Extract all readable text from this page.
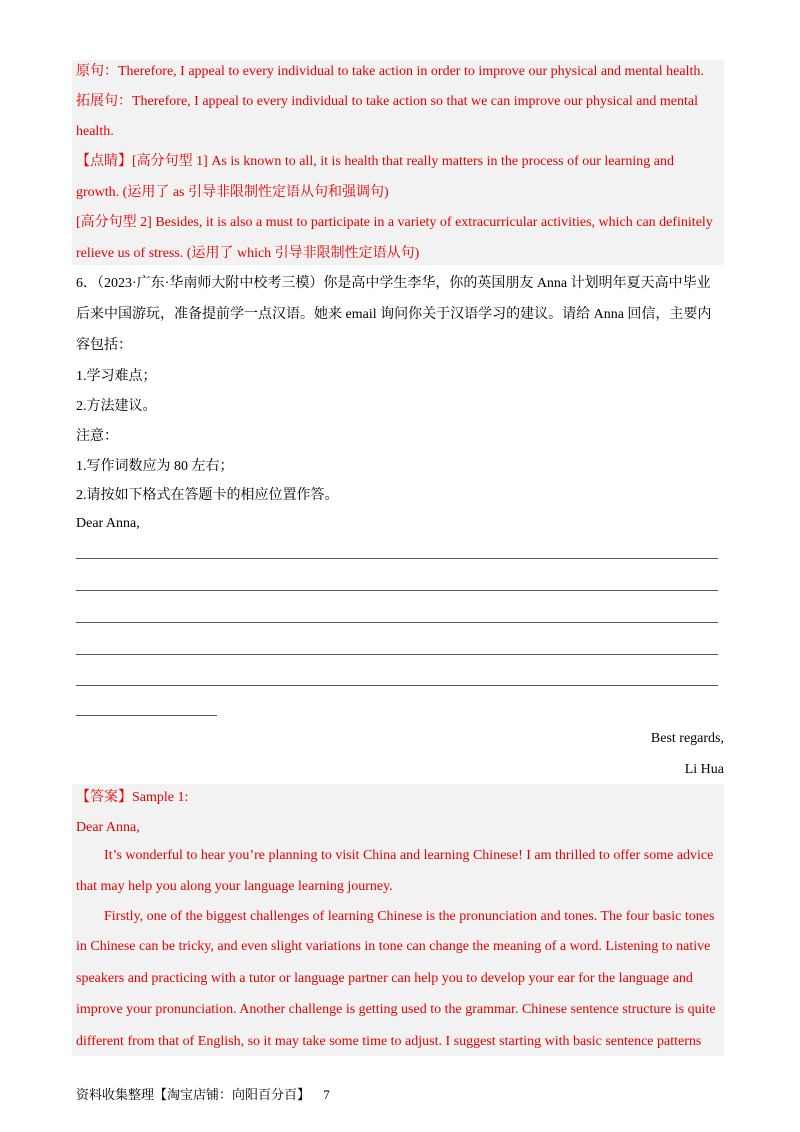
原句：Therefore, I appeal to every individual to take action in order to improve our physical and mental health.
拓展句：Therefore, I appeal to every individual to take action so that we can improve our physical and mental
health.
【点睛】[高分句型 1] As is known to all, it is health that really matters in the process of our learning and
growth. (运用了 as 引导非限制性定语从句和强调句)
[高分句型 2] Besides, it is also a must to participate in a variety of extracurricular activities, which can definitely
relieve us of stress. (运用了 which 引导非限制性定语从句)
6．（2023·广东·华南师大附中校考三模）你是高中学生李华，你的英国朋友 Anna 计划明年夏天高中毕业
后来中国游玩，准备提前学一点汉语。她来 email 询问你关于汉语学习的建议。请给 Anna 回信，主要内
容包括：
1.学习难点；
2.方法建议。
注意：
1.写作词数应为 80 左右；
2.请按如下格式在答题卡的相应位置作答。
Dear Anna,
Best regards,
Li Hua
【答案】Sample 1:
Dear Anna,
It’s wonderful to hear you’re planning to visit China and learning Chinese! I am thrilled to offer some advice
that may help you along your language learning journey.
Firstly, one of the biggest challenges of learning Chinese is the pronunciation and tones. The four basic tones
in Chinese can be tricky, and even slight variations in tone can change the meaning of a word. Listening to native
speakers and practicing with a tutor or language partner can help you to develop your ear for the language and
improve your pronunciation. Another challenge is getting used to the grammar. Chinese sentence structure is quite
different from that of English, so it may take some time to adjust. I suggest starting with basic sentence patterns
资料收集整理【淘宝店铺：向阳百分百】 7
